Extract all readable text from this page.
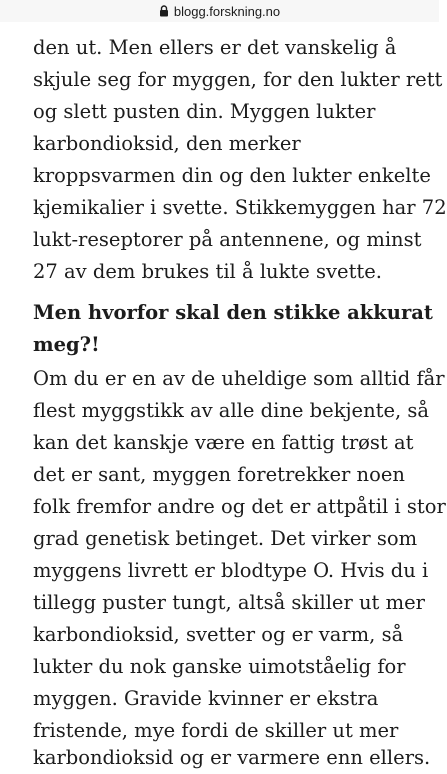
blogg.forskning.no
den ut. Men ellers er det vanskelig å
skjule seg for myggen, for den lukter rett
og slett pusten din. Myggen lukter
karbondioksid, den merker
kroppsvarmen din og den lukter enkelte
kjemikalier i svette. Stikkemyggen har 72
lukt-reseptorer på antennene, og minst
27 av dem brukes til å lukte svette.
Men hvorfor skal den stikke akkurat
meg?!
Om du er en av de uheldige som alltid får
flest myggstikk av alle dine bekjente, så
kan det kanskje være en fattig trøst at
det er sant, myggen foretrekker noen
folk fremfor andre og det er attpåtil i stor
grad genetisk betinget. Det virker som
myggens livrett er blodtype O. Hvis du i
tillegg puster tungt, altså skiller ut mer
karbondioksid, svetter og er varm, så
lukter du nok ganske uimotståelig for
myggen. Gravide kvinner er ekstra
fristende, mye fordi de skiller ut mer
karbondioksid og er varmere enn ellers.
